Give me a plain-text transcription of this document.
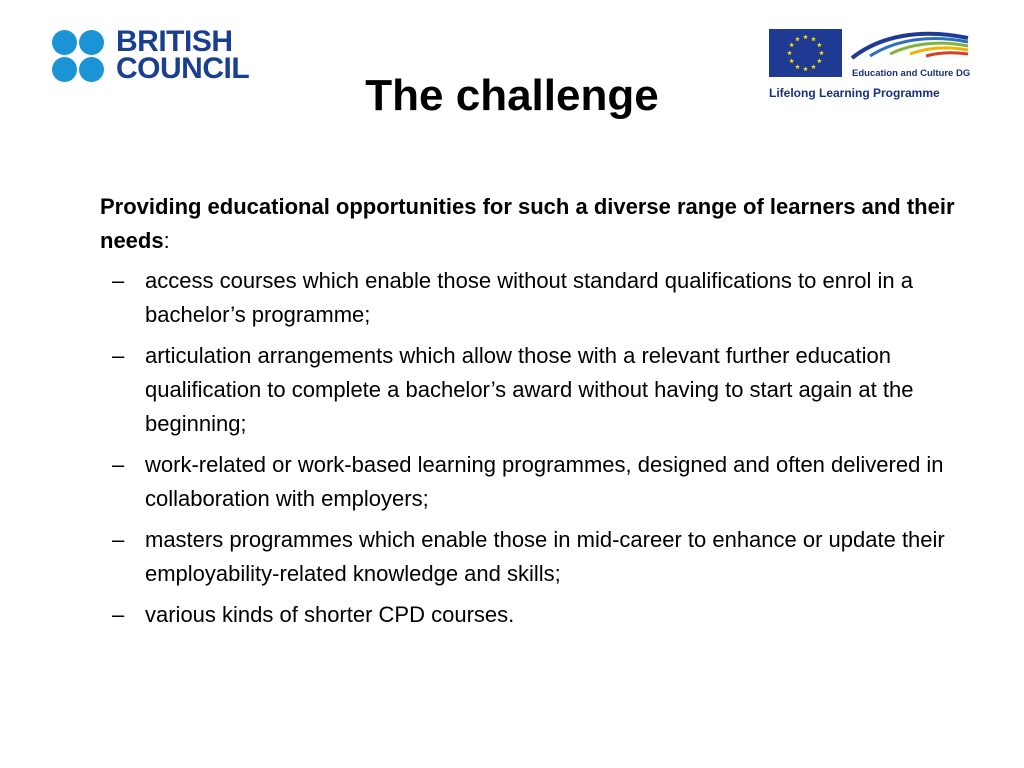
BRITISH
COUNCIL	Education and Culture DG
Lifelong Learning Programme
The challenge

Providing educational opportunities for such a diverse range of learners and their needs:

– access courses which enable those without standard qualifications to enrol in a bachelor’s programme;
– articulation arrangements which allow those with a relevant further education qualification to complete a bachelor’s award without having to start again at the beginning;
– work-related or work-based learning programmes, designed and often delivered in collaboration with employers;
– masters programmes which enable those in mid-career to enhance or update their employability-related knowledge and skills;
– various kinds of shorter CPD courses.
